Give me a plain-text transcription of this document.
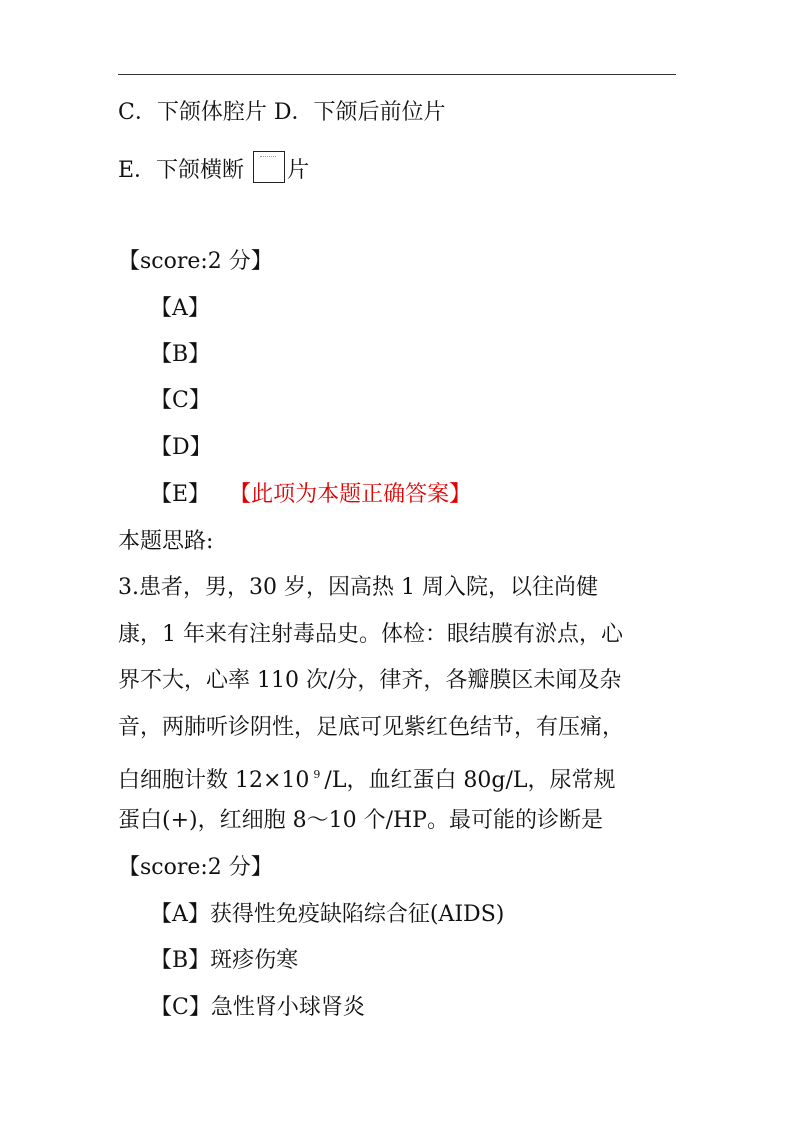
C．下颌体腔片 D．下颌后前位片
E．下颌横断 片
【score:2 分】
【A】
【B】
【C】
【D】
【E】 【此项为本题正确答案】
本题思路:
3.患者，男，30 岁，因高热 1 周入院，以往尚健
康，1 年来有注射毒品史。体检：眼结膜有淤点，心
界不大，心率 110 次/分，律齐，各瓣膜区未闻及杂
音，两肺听诊阴性，足底可见紫红色结节，有压痛，
白细胞计数 12×10 $^9$ /L，血红蛋白 80g/L，尿常规
蛋白(+)，红细胞 8～10 个/HP。最可能的诊断是
【score:2 分】
【A】获得性免疫缺陷综合征(AIDS)
【B】斑疹伤寒
【C】急性肾小球肾炎
